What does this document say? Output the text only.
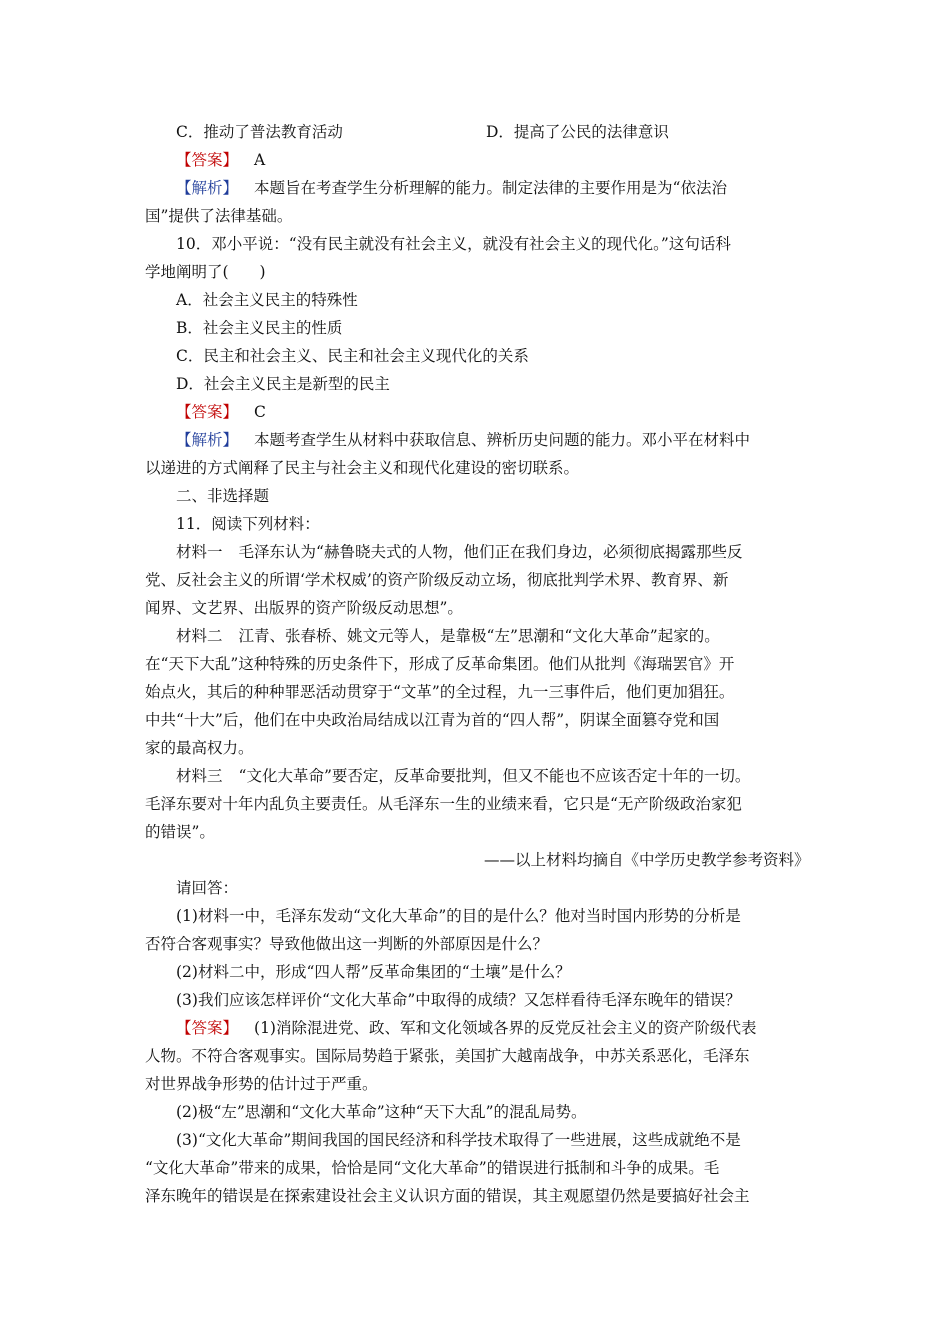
C．推动了普法教育活动	D．提高了公民的法律意识
【答案】 A
【解析】 本题旨在考查学生分析理解的能力。制定法律的主要作用是为“依法治
国”提供了法律基础。
10．邓小平说：“没有民主就没有社会主义，就没有社会主义的现代化。”这句话科
学地阐明了(　　)
A．社会主义民主的特殊性
B．社会主义民主的性质
C．民主和社会主义、民主和社会主义现代化的关系
D．社会主义民主是新型的民主
【答案】 C
【解析】 本题考查学生从材料中获取信息、辨析历史问题的能力。邓小平在材料中
以递进的方式阐释了民主与社会主义和现代化建设的密切联系。
二、非选择题
11．阅读下列材料：
材料一 毛泽东认为“赫鲁晓夫式的人物，他们正在我们身边，必须彻底揭露那些反
党、反社会主义的所谓‘学术权威’的资产阶级反动立场，彻底批判学术界、教育界、新
闻界、文艺界、出版界的资产阶级反动思想”。
材料二 江青、张春桥、姚文元等人，是靠极“左”思潮和“文化大革命”起家的。
在“天下大乱”这种特殊的历史条件下，形成了反革命集团。他们从批判《海瑞罢官》开
始点火，其后的种种罪恶活动贯穿于“文革”的全过程，九一三事件后，他们更加猖狂。
中共“十大”后，他们在中央政治局结成以江青为首的“四人帮”，阴谋全面篡夺党和国
家的最高权力。
材料三 “文化大革命”要否定，反革命要批判，但又不能也不应该否定十年的一切。
毛泽东要对十年内乱负主要责任。从毛泽东一生的业绩来看，它只是“无产阶级政治家犯
的错误”。
——以上材料均摘自《中学历史教学参考资料》
请回答：
(1)材料一中，毛泽东发动“文化大革命”的目的是什么？他对当时国内形势的分析是
否符合客观事实？导致他做出这一判断的外部原因是什么？
(2)材料二中，形成“四人帮”反革命集团的“土壤”是什么？
(3)我们应该怎样评价“文化大革命”中取得的成绩？又怎样看待毛泽东晚年的错误？
【答案】 (1)消除混进党、政、军和文化领域各界的反党反社会主义的资产阶级代表
人物。不符合客观事实。国际局势趋于紧张，美国扩大越南战争，中苏关系恶化，毛泽东
对世界战争形势的估计过于严重。
(2)极“左”思潮和“文化大革命”这种“天下大乱”的混乱局势。
(3)“文化大革命”期间我国的国民经济和科学技术取得了一些进展，这些成就绝不是
“文化大革命”带来的成果，恰恰是同“文化大革命”的错误进行抵制和斗争的成果。毛
泽东晚年的错误是在探索建设社会主义认识方面的错误，其主观愿望仍然是要搞好社会主
